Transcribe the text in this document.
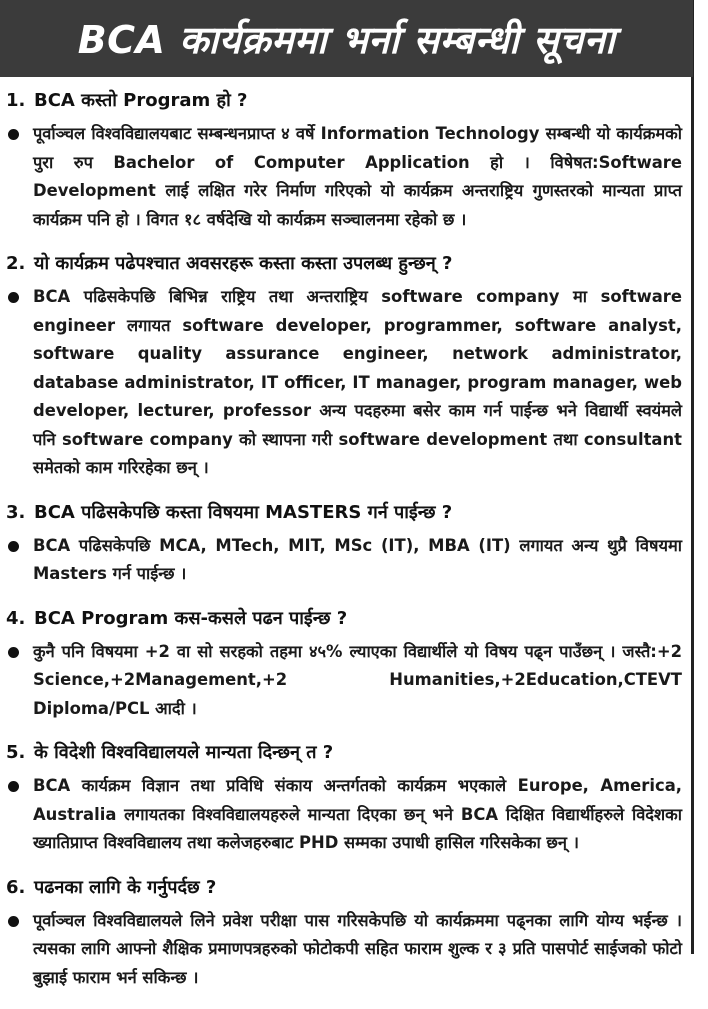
BCA कार्यक्रममा भर्ना सम्बन्धी सूचना
1. BCA कस्तो Program हो ?
पूर्वाञ्चल विश्वविद्यालयबाट सम्बन्धनप्राप्त ४ वर्षे Information Technology सम्बन्धी यो कार्यक्रमको पुरा रुप Bachelor of Computer Application हो । विषेषत:Software Development लाई लक्षित गरेर निर्माण गरिएको यो कार्यक्रम अन्तराष्ट्रिय गुणस्तरको मान्यता प्राप्त कार्यक्रम पनि हो । विगत १८ वर्षदेखि यो कार्यक्रम सञ्चालनमा रहेको छ ।
2. यो कार्यक्रम पढेपश्चात अवसरहरू कस्ता कस्ता उपलब्ध हुन्छन् ?
BCA पढिसकेपछि बिभिन्न राष्ट्रिय तथा अन्तराष्ट्रिय software company मा software engineer लगायत software developer, programmer, software analyst, software quality assurance engineer, network administrator, database administrator, IT officer, IT manager, program manager, web developer, lecturer, professor अन्य पदहरुमा बसेर काम गर्न पाईन्छ भने विद्यार्थी स्वयंमले पनि software company को स्थापना गरी software development तथा consultant समेतको काम गरिरहेका छन् ।
3. BCA पढिसकेपछि कस्ता विषयमा MASTERS गर्न पाईन्छ ?
BCA पढिसकेपछि MCA, MTech, MIT, MSc (IT), MBA (IT) लगायत अन्य थुप्रै विषयमा Masters गर्न पाईन्छ ।
4. BCA Program कस-कसले पढन पाईन्छ ?
कुनै पनि विषयमा +2 वा सो सरहको तहमा ४५% ल्याएका विद्यार्थीले यो विषय पढ्न पाउँछन् । जस्तै:+2 Science,+2Management,+2 Humanities,+2Education,CTEVT Diploma/PCL आदी ।
5. के विदेशी विश्वविद्यालयले मान्यता दिन्छन् त ?
BCA कार्यक्रम विज्ञान तथा प्रविधि संकाय अन्तर्गतको कार्यक्रम भएकाले Europe, America, Australia लगायतका विश्वविद्यालयहरुले मान्यता दिएका छन् भने BCA दिक्षित विद्यार्थीहरुले विदेशका ख्यातिप्राप्त विश्वविद्यालय तथा कलेजहरुबाट PHD सम्मका उपाधी हासिल गरिसकेका छन् ।
6. पढनका लागि के गर्नुपर्दछ ?
पूर्वाञ्चल विश्वविद्यालयले लिने प्रवेश परीक्षा पास गरिसकेपछि यो कार्यक्रममा पढ्नका लागि योग्य भईन्छ । त्यसका लागि आफ्नो शैक्षिक प्रमाणपत्रहरुको फोटोकपी सहित फाराम शुल्क र ३ प्रति पासपोर्ट साईजको फोटो बुझाई फाराम भर्न सकिन्छ ।
